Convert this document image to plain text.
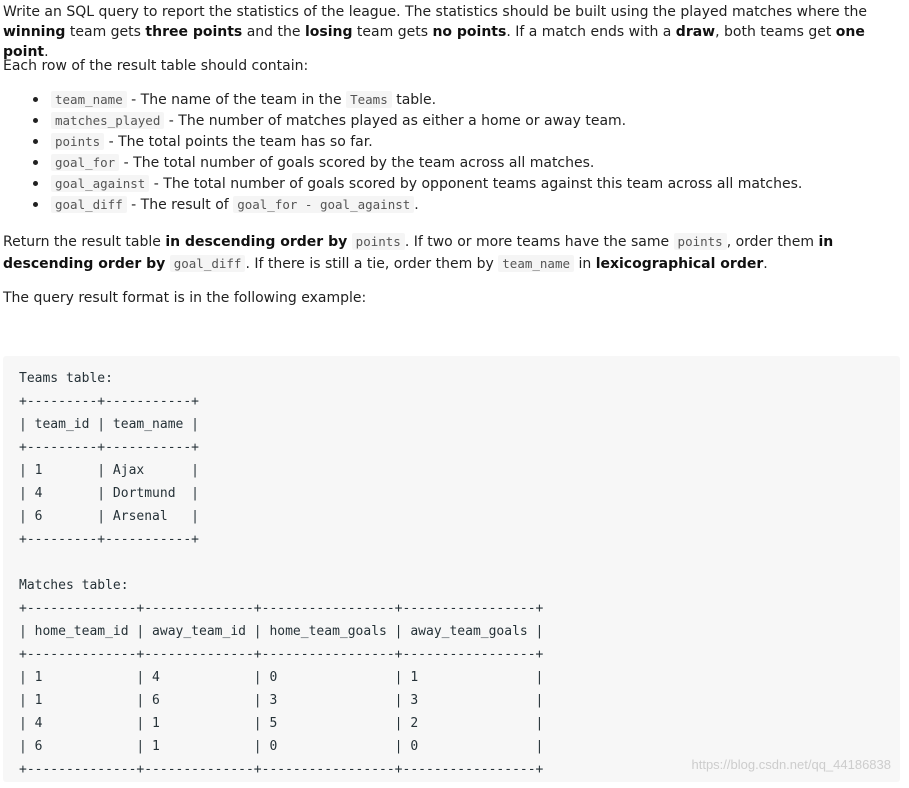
Write an SQL query to report the statistics of the league. The statistics should be built using the played matches where the winning team gets three points and the losing team gets no points. If a match ends with a draw, both teams get one point.

Each row of the result table should contain:

team_name - The name of the team in the Teams table.
matches_played - The number of matches played as either a home or away team.
points - The total points the team has so far.
goal_for - The total number of goals scored by the team across all matches.
goal_against - The total number of goals scored by opponent teams against this team across all matches.
goal_diff - The result of goal_for - goal_against .

Return the result table in descending order by points . If two or more teams have the same points , order them in descending order by goal_diff . If there is still a tie, order them by team_name in lexicographical order.

The query result format is in the following example:

Teams table:
+---------+-----------+
| team_id | team_name |
+---------+-----------+
| 1       | Ajax      |
| 4       | Dortmund  |
| 6       | Arsenal   |
+---------+-----------+

Matches table:
+--------------+--------------+-----------------+-----------------+
| home_team_id | away_team_id | home_team_goals | away_team_goals |
+--------------+--------------+-----------------+-----------------+
| 1            | 4            | 0               | 1               |
| 1            | 6            | 3               | 3               |
| 4            | 1            | 5               | 2               |
| 6            | 1            | 0               | 0               |
+--------------+--------------+-----------------+-----------------+	https://blog.csdn.net/qq_44186838
